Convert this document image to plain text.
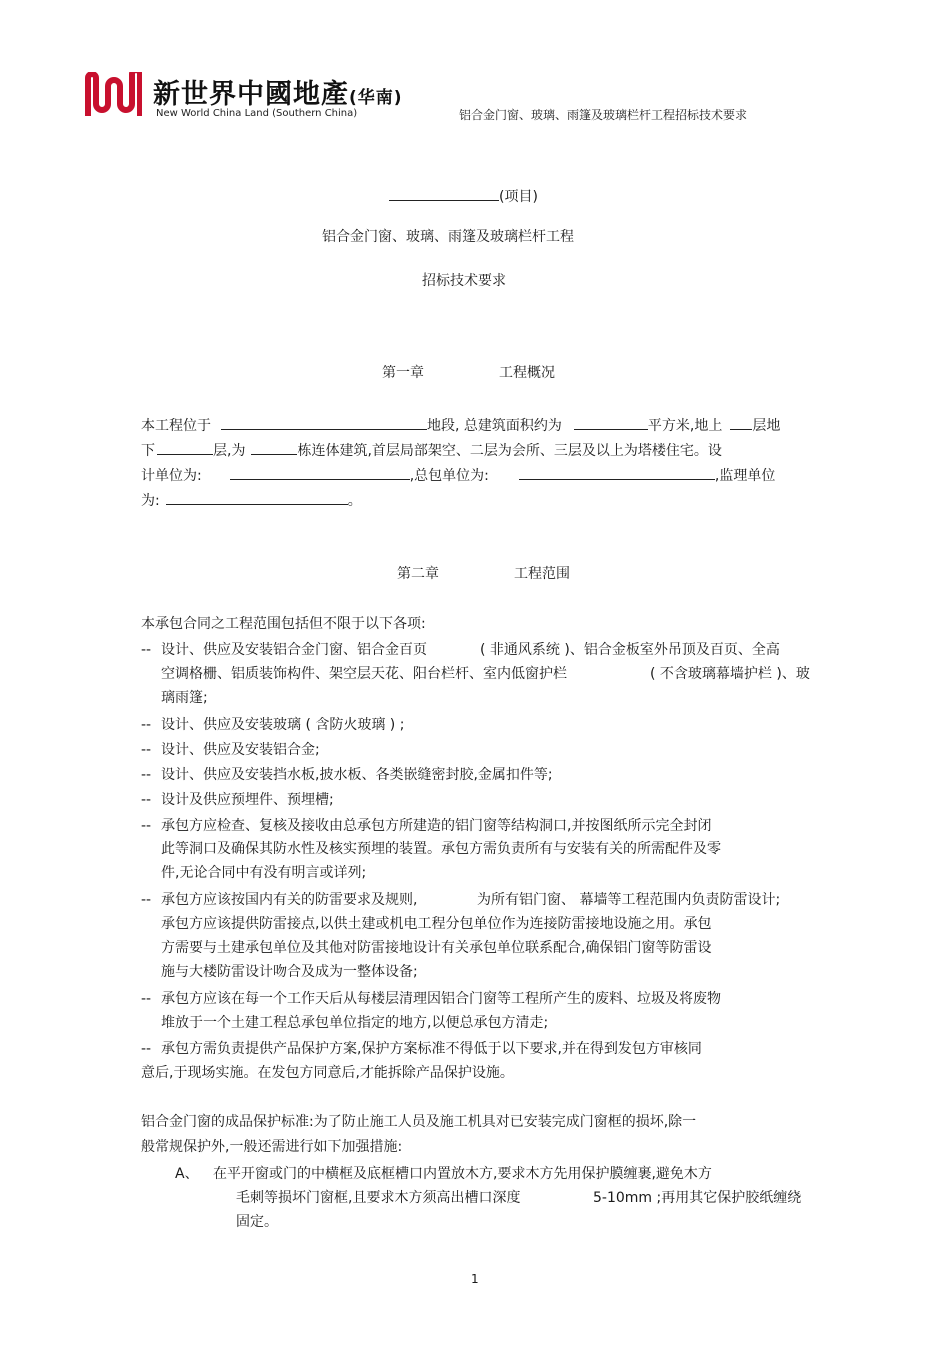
新世界中國地產(华南)
New World China Land (Southern China)	铝合金门窗、玻璃、雨篷及玻璃栏杆工程招标技术要求
(项目)
铝合金门窗、玻璃、雨篷及玻璃栏杆工程
招标技术要求
第一章	工程概况
本工程位于	地段, 总建筑面积约为	平方米,地上 层地
下	层,为	栋连体建筑,首层局部架空、二层为会所、三层及以上为塔楼住宅。设
计单位为:	,总包单位为:	,监理单位
为:	。
第二章	工程范围
本承包合同之工程范围包括但不限于以下各项:
-- 设计、供应及安装铝合金门窗、铝合金百页	( 非通风系统 )、铝合金板室外吊顶及百页、全高
空调格栅、铝质装饰构件、架空层天花、阳台栏杆、室内低窗护栏	( 不含玻璃幕墙护栏 )、玻
璃雨篷;
-- 设计、供应及安装玻璃 ( 含防火玻璃 ) ;
-- 设计、供应及安装铝合金;
-- 设计、供应及安装挡水板,披水板、各类嵌缝密封胶,金属扣件等;
-- 设计及供应预埋件、预埋槽;
-- 承包方应检查、复核及接收由总承包方所建造的铝门窗等结构洞口,并按图纸所示完全封闭
此等洞口及确保其防水性及核实预埋的装置。承包方需负责所有与安装有关的所需配件及零
件,无论合同中有没有明言或详列;
-- 承包方应该按国内有关的防雷要求及规则,	为所有铝门窗、 幕墙等工程范围内负责防雷设计;
承包方应该提供防雷接点,以供土建或机电工程分包单位作为连接防雷接地设施之用。承包
方需要与土建承包单位及其他对防雷接地设计有关承包单位联系配合,确保铝门窗等防雷设
施与大楼防雷设计吻合及成为一整体设备;
-- 承包方应该在每一个工作天后从每楼层清理因铝合门窗等工程所产生的废料、垃圾及将废物
堆放于一个土建工程总承包单位指定的地方,以便总承包方清走;
-- 承包方需负责提供产品保护方案,保护方案标准不得低于以下要求,并在得到发包方审核同
意后,于现场实施。在发包方同意后,才能拆除产品保护设施。
铝合金门窗的成品保护标准:为了防止施工人员及施工机具对已安装完成门窗框的损坏,除一
般常规保护外,一般还需进行如下加强措施:
A、 在平开窗或门的中横框及底框槽口内置放木方,要求木方先用保护膜缠裹,避免木方
毛刺等损坏门窗框,且要求木方须高出槽口深度	5-10mm ;再用其它保护胶纸缠绕
固定。
1
